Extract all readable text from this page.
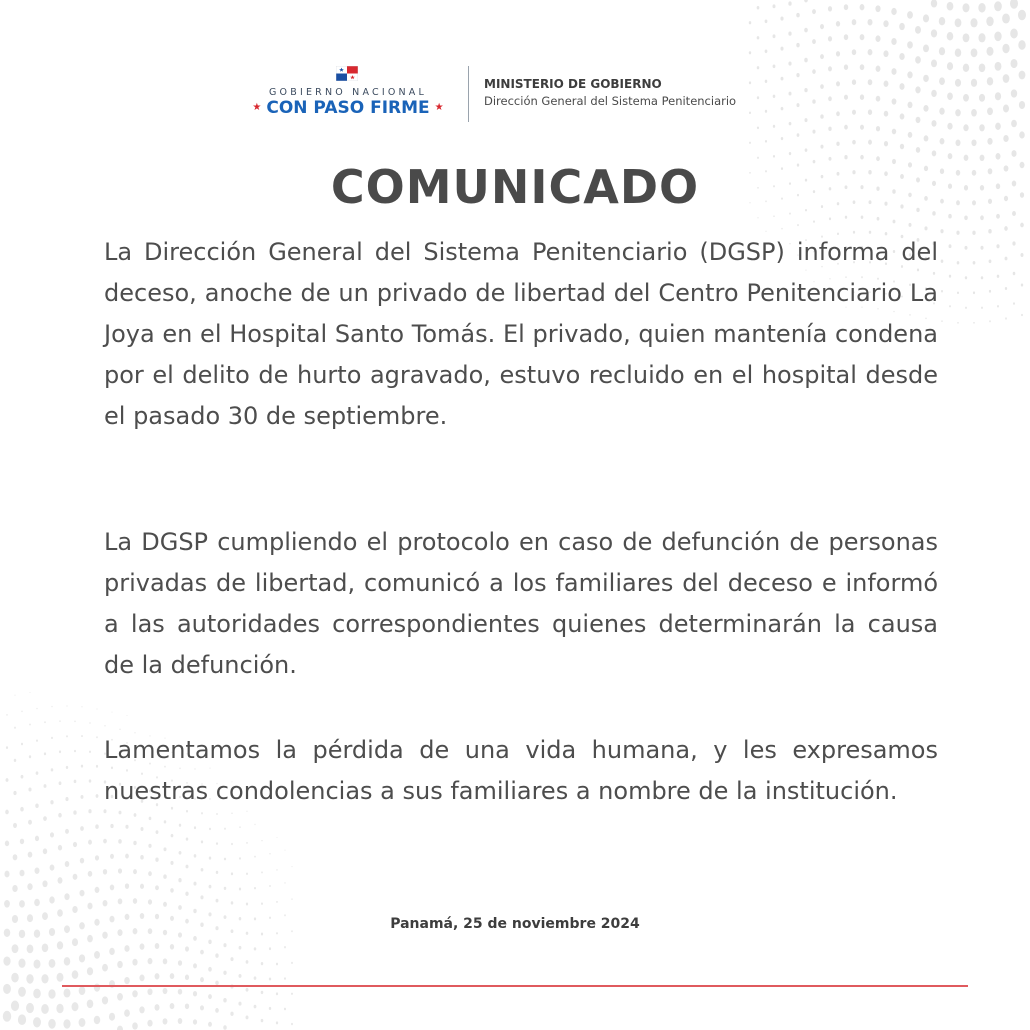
GOBIERNO NACIONAL
★ CON PASO FIRME ★
MINISTERIO DE GOBIERNO
Dirección General del Sistema Penitenciario
COMUNICADO

La Dirección General del Sistema Penitenciario (DGSP) informa del deceso, anoche de un privado de libertad del Centro Penitenciario La Joya en el Hospital Santo Tomás. El privado, quien mantenía condena por el delito de hurto agravado, estuvo recluido en el hospital desde el pasado 30 de septiembre.

La DGSP cumpliendo el protocolo en caso de defunción de personas privadas de libertad, comunicó a los familiares del deceso e informó a las autoridades correspondientes quienes determinarán la causa de la defunción.

Lamentamos la pérdida de una vida humana, y les expresamos nuestras condolencias a sus familiares a nombre de la institución.

Panamá, 25 de noviembre 2024
